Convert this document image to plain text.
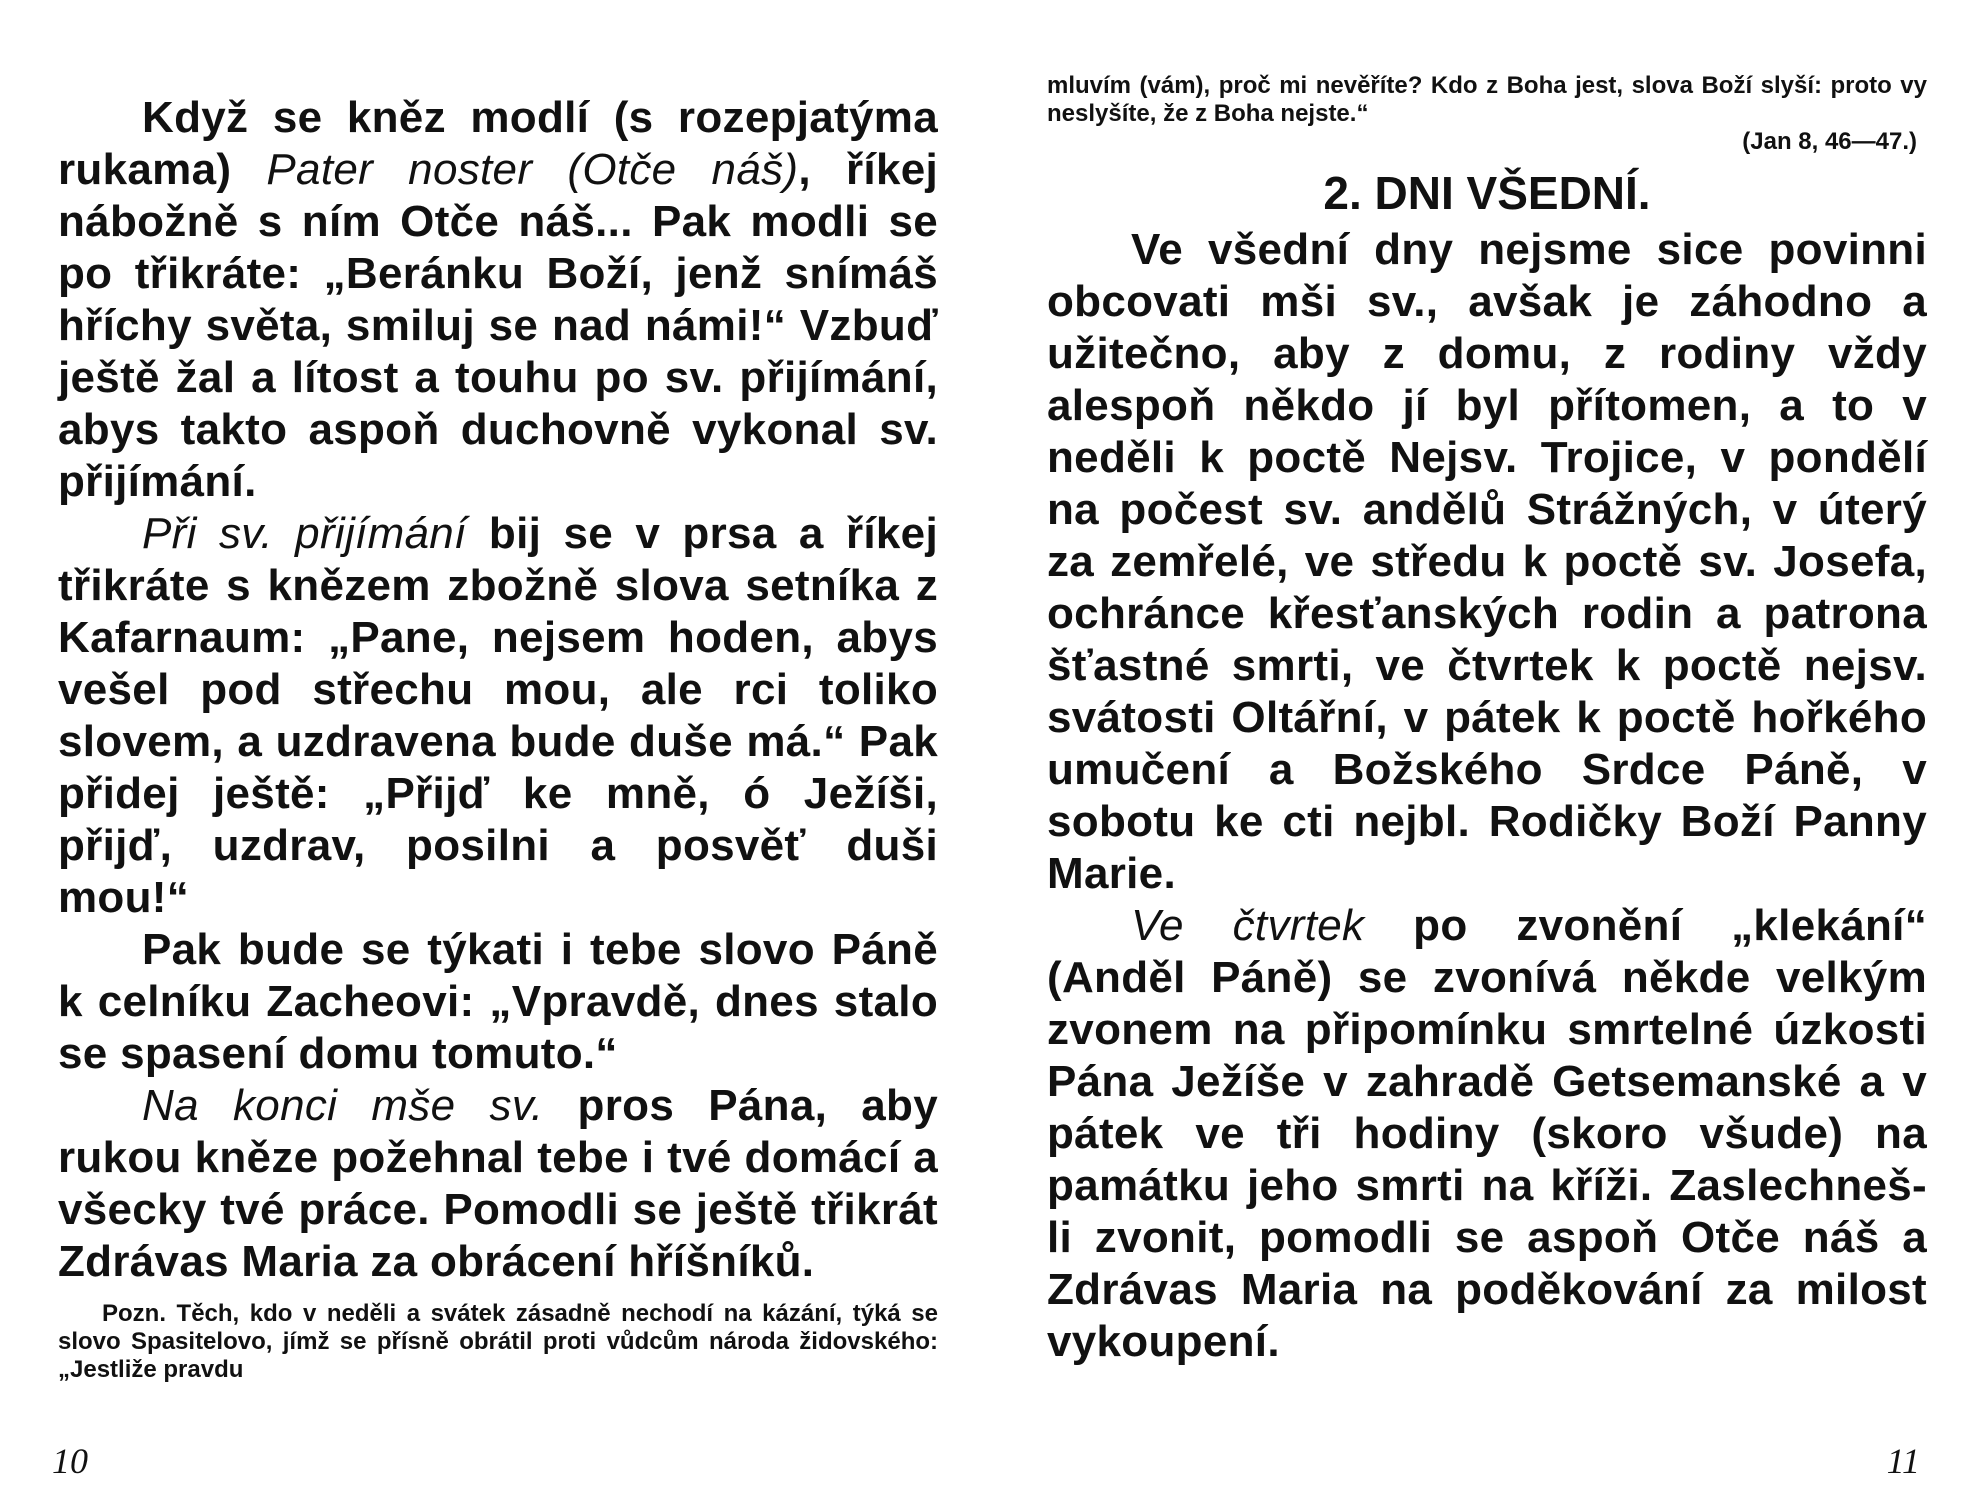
Když se kněz modlí (s rozepjatýma rukama) Pater noster (Otče náš), říkej nábožně s ním Otče náš... Pak modli se po třikráte: „Beránku Boží, jenž snímáš hříchy světa, smiluj se nad námi!“ Vzbuď ještě žal a lítost a touhu po sv. přijímání, abys takto aspoň duchovně vykonal sv. přijímání.

Při sv. přijímání bij se v prsa a říkej třikráte s knězem zbožně slova setníka z Kafarnaum: „Pane, nejsem hoden, abys vešel pod střechu mou, ale rci toliko slovem, a uzdravena bude duše má.“ Pak přidej ještě: „Přijď ke mně, ó Ježíši, přijď, uzdrav, posilni a posvěť duši mou!“

Pak bude se týkati i tebe slovo Páně k celníku Zacheovi: „Vpravdě, dnes stalo se spasení domu tomuto.“

Na konci mše sv. pros Pána, aby rukou kněze požehnal tebe i tvé domácí a všecky tvé práce. Pomodli se ještě třikrát Zdrávas Maria za obrácení hříšníků.

Pozn. Těch, kdo v neděli a svátek zásadně nechodí na kázání, týká se slovo Spasitelovo, jímž se přísně obrátil proti vůdcům národa židovského: „Jestliže pravdu

10

mluvím (vám), proč mi nevěříte? Kdo z Boha jest, slova Boží slyší: proto vy neslyšíte, že z Boha nejste.“

(Jan 8, 46—47.)

2. DNI VŠEDNÍ.

Ve všední dny nejsme sice povinni obcovati mši sv., avšak je záhodno a užitečno, aby z domu, z rodiny vždy alespoň někdo jí byl přítomen, a to v neděli k poctě Nejsv. Trojice, v pondělí na počest sv. andělů Strážných, v úterý za zemřelé, ve středu k poctě sv. Josefa, ochránce křesťanských rodin a patrona šťastné smrti, ve čtvrtek k poctě nejsv. svátosti Oltářní, v pátek k poctě hořkého umučení a Božského Srdce Páně, v sobotu ke cti nejbl. Rodičky Boží Panny Marie.

Ve čtvrtek po zvonění „klekání“ (Anděl Páně) se zvonívá někde velkým zvonem na připomínku smrtelné úzkosti Pána Ježíše v zahradě Getsemanské a v pátek ve tři hodiny (skoro všude) na památku jeho smrti na kříži. Zaslechneš-li zvonit, pomodli se aspoň Otče náš a Zdrávas Maria na poděkování za milost vykoupení.

11
